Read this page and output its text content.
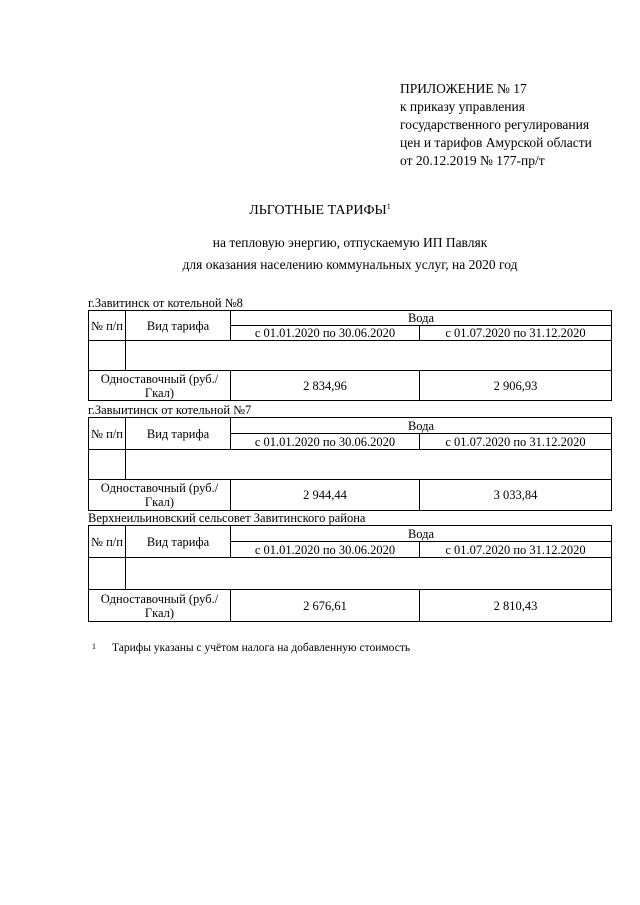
ПРИЛОЖЕНИЕ № 17
к приказу управления
государственного регулирования
цен и тарифов Амурской области
от 20.12.2019 № 177-пр/т
ЛЬГОТНЫЕ ТАРИФЫ$^1$
на тепловую энергию, отпускаемую ИП Павляк
для оказания населению коммунальных услуг, на 2020 год
г.Завитинск от котельной №8
№ п/п	Вид тарифа	Вода	
		с 01.01.2020 по 30.06.2020	с 01.07.2020 по 31.12.2020

Одноставочный (руб./Гкал)		2 834,96	2 906,93
г.Завыитинск от котельной №7
№ п/п	Вид тарифа	Вода	
		с 01.01.2020 по 30.06.2020	с 01.07.2020 по 31.12.2020

Одноставочный (руб./Гкал)		2 944,44	3 033,84
Верхнеильиновский сельсовет Завитинского района
№ п/п	Вид тарифа	Вода	
		с 01.01.2020 по 30.06.2020	с 01.07.2020 по 31.12.2020

Одноставочный (руб./Гкал)		2 676,61	2 810,43
$^1$ Тарифы указаны с учётом налога на добавленную стоимость
